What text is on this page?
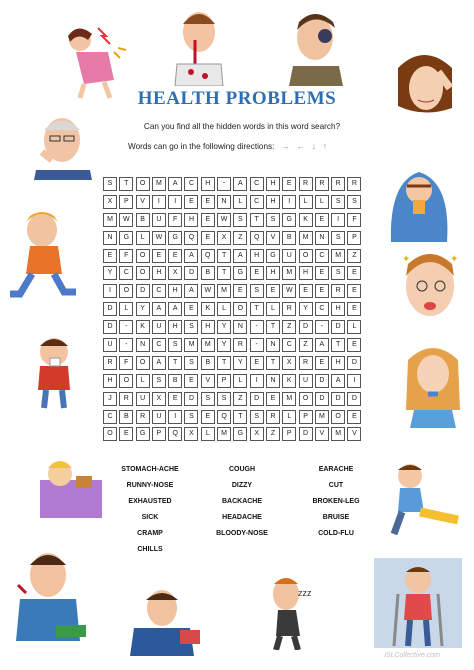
✦	✦
zzz
HEALTH PROBLEMS
Can you find all the hidden words in this word search?
Words can go in the following directions: → ← ↓ ↑
S	T	O	M	A	C	H	-	A	C	H	E	R	R	R	R
X	P	V	I	I	E	E	N	L	C	H	I	L	L	S	S
M	W	B	U	F	H	E	W	S	T	S	G	K	E	I	F
N	G	L	W	G	Q	E	X	Z	Q	V	B	M	N	S	P
E	F	O	E	E	A	Q	T	A	H	G	U	O	C	M	Z
Y	C	O	H	X	D	B	T	G	E	H	M	H	E	S	E
I	O	D	C	H	A	W	M	E	S	E	W	E	E	R	E
D	L	Y	A	A	E	K	L	O	T	L	R	Y	C	H	E
D	-	K	U	H	S	H	Y	N	-	T	Z	D	-	D	L
U	-	N	C	S	M	M	Y	R	-	N	C	Z	A	T	E
R	F	O	A	T	S	B	T	Y	E	T	X	R	E	H	D
H	O	L	S	B	E	V	P	L	I	N	K	U	D	A	I
J	R	U	X	E	D	S	S	Z	D	E	M	O	D	D	D
C	B	R	U	I	S	E	Q	T	S	R	L	P	M	O	E
O	E	G	P	Q	X	L	M	G	X	Z	P	D	V	M	V
STOMACH-ACHE
RUNNY-NOSE
EXHAUSTED
SICK
CRAMP
CHILLS
COUGH
DIZZY
BACKACHE
HEADACHE
BLOODY-NOSE
EARACHE
CUT
BROKEN-LEG
BRUISE
COLD-FLU
iSLCollective.com
